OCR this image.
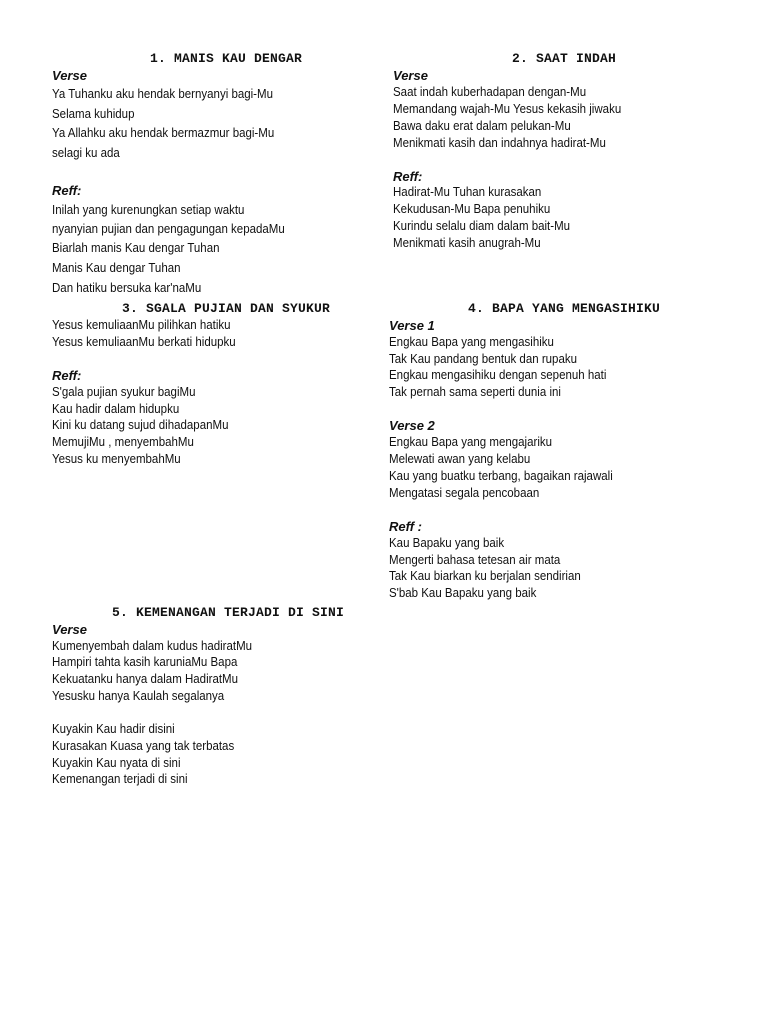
1. MANIS KAU DENGAR
Verse
Ya Tuhanku aku hendak bernyanyi bagi-Mu
Selama kuhidup
Ya Allahku aku hendak bermazmur bagi-Mu
selagi ku ada
Reff:
Inilah yang kurenungkan setiap waktu
nyanyian pujian dan pengagungan kepadaMu
Biarlah manis Kau dengar Tuhan
Manis Kau dengar Tuhan
Dan hatiku bersuka kar'naMu
2. SAAT INDAH
Verse
Saat indah kuberhadapan dengan-Mu
Memandang wajah-Mu Yesus kekasih jiwaku
Bawa daku erat dalam pelukan-Mu
Menikmati kasih dan indahnya hadirat-Mu
Reff:
Hadirat-Mu Tuhan kurasakan
Kekudusan-Mu Bapa penuhiku
Kurindu selalu diam dalam bait-Mu
Menikmati kasih anugrah-Mu
3. SGALA PUJIAN DAN SYUKUR
Yesus kemuliaanMu pilihkan hatiku
Yesus kemuliaanMu berkati hidupku
Reff:
S'gala pujian syukur bagiMu
Kau hadir dalam hidupku
Kini ku datang sujud dihadapanMu
MemujiMu , menyembahMu
Yesus ku menyembahMu
4. BAPA YANG MENGASIHIKU
Verse 1
Engkau Bapa yang mengasihiku
Tak Kau pandang bentuk dan rupaku
Engkau mengasihiku dengan sepenuh hati
Tak pernah sama seperti dunia ini
Verse 2
Engkau Bapa yang mengajariku
Melewati awan yang kelabu
Kau yang buatku terbang, bagaikan rajawali
Mengatasi segala pencobaan
Reff :
Kau Bapaku yang baik
Mengerti bahasa tetesan air mata
Tak Kau biarkan ku berjalan sendirian
S'bab Kau Bapaku yang baik
5. KEMENANGAN TERJADI DI SINI
Verse
Kumenyembah dalam kudus hadiratMu
Hampiri tahta kasih karuniaMu Bapa
Kekuatanku hanya dalam HadiratMu
Yesusku hanya Kaulah segalanya
Kuyakin Kau hadir disini
Kurasakan Kuasa yang tak terbatas
Kuyakin Kau nyata di sini
Kemenangan terjadi di sini
